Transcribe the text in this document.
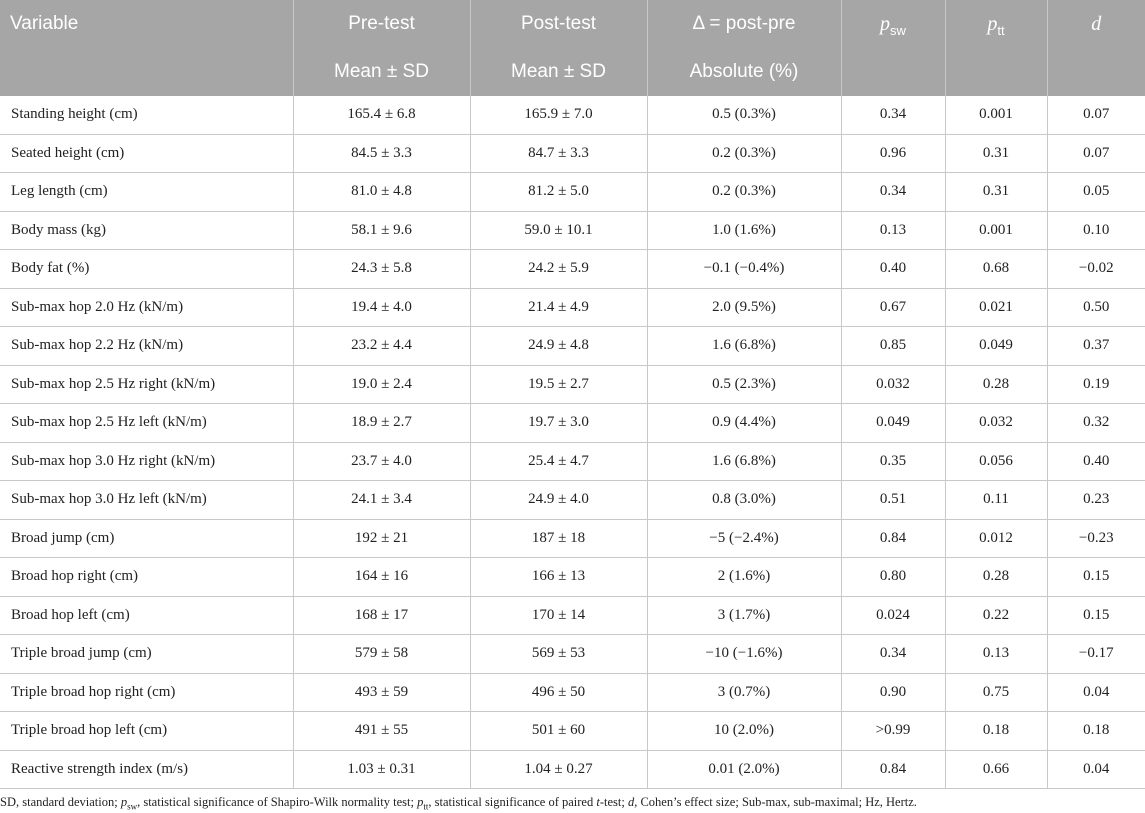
Variable	Pre-test	Post-test	Δ = post-pre	$p_{sw}$	$p_{tt}$	d
	Mean ± SD	Mean ± SD	Absolute (%)			
Standing height (cm)	165.4 ± 6.8	165.9 ± 7.0	0.5 (0.3%)	0.34	0.001	0.07
Seated height (cm)	84.5 ± 3.3	84.7 ± 3.3	0.2 (0.3%)	0.96	0.31	0.07
Leg length (cm)	81.0 ± 4.8	81.2 ± 5.0	0.2 (0.3%)	0.34	0.31	0.05
Body mass (kg)	58.1 ± 9.6	59.0 ± 10.1	1.0 (1.6%)	0.13	0.001	0.10
Body fat (%)	24.3 ± 5.8	24.2 ± 5.9	−0.1 (−0.4%)	0.40	0.68	−0.02
Sub-max hop 2.0 Hz (kN/m)	19.4 ± 4.0	21.4 ± 4.9	2.0 (9.5%)	0.67	0.021	0.50
Sub-max hop 2.2 Hz (kN/m)	23.2 ± 4.4	24.9 ± 4.8	1.6 (6.8%)	0.85	0.049	0.37
Sub-max hop 2.5 Hz right (kN/m)	19.0 ± 2.4	19.5 ± 2.7	0.5 (2.3%)	0.032	0.28	0.19
Sub-max hop 2.5 Hz left (kN/m)	18.9 ± 2.7	19.7 ± 3.0	0.9 (4.4%)	0.049	0.032	0.32
Sub-max hop 3.0 Hz right (kN/m)	23.7 ± 4.0	25.4 ± 4.7	1.6 (6.8%)	0.35	0.056	0.40
Sub-max hop 3.0 Hz left (kN/m)	24.1 ± 3.4	24.9 ± 4.0	0.8 (3.0%)	0.51	0.11	0.23
Broad jump (cm)	192 ± 21	187 ± 18	−5 (−2.4%)	0.84	0.012	−0.23
Broad hop right (cm)	164 ± 16	166 ± 13	2 (1.6%)	0.80	0.28	0.15
Broad hop left (cm)	168 ± 17	170 ± 14	3 (1.7%)	0.024	0.22	0.15
Triple broad jump (cm)	579 ± 58	569 ± 53	−10 (−1.6%)	0.34	0.13	−0.17
Triple broad hop right (cm)	493 ± 59	496 ± 50	3 (0.7%)	0.90	0.75	0.04
Triple broad hop left (cm)	491 ± 55	501 ± 60	10 (2.0%)	>0.99	0.18	0.18
Reactive strength index (m/s)	1.03 ± 0.31	1.04 ± 0.27	0.01 (2.0%)	0.84	0.66	0.04
SD, standard deviation; $p_{sw}$, statistical significance of Shapiro-Wilk normality test; $p_{tt}$, statistical significance of paired t-test; d, Cohen’s effect size; Sub-max, sub-maximal; Hz, Hertz.
